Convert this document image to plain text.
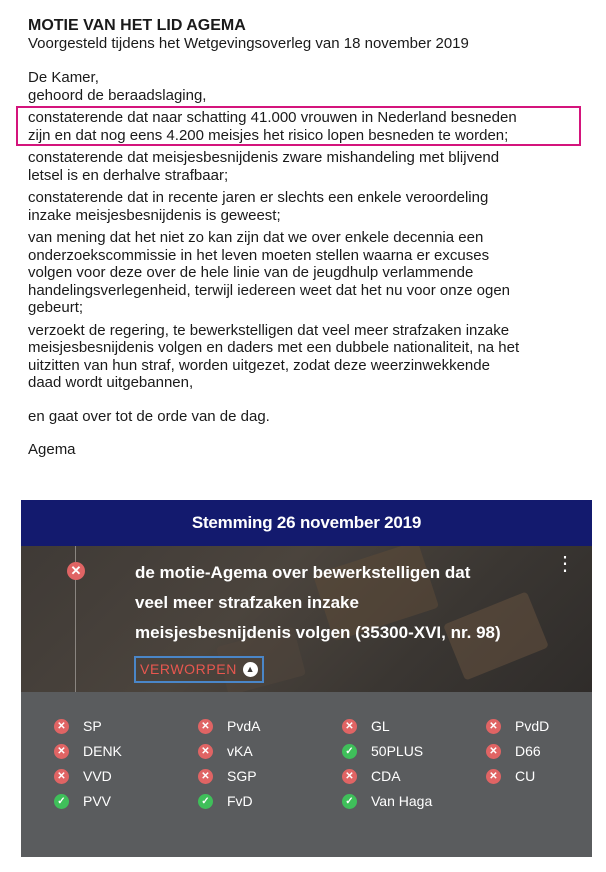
MOTIE VAN HET LID AGEMA

Voorgesteld tijdens het Wetgevingsoverleg van 18 november 2019

De Kamer,

gehoord de beraadslaging,

constaterende dat naar schatting 41.000 vrouwen in Nederland besneden

zijn en dat nog eens 4.200 meisjes het risico lopen besneden te worden;

constaterende dat meisjesbesnijdenis zware mishandeling met blijvend

letsel is en derhalve strafbaar;

constaterende dat in recente jaren er slechts een enkele veroordeling

inzake meisjesbesnijdenis is geweest;

van mening dat het niet zo kan zijn dat we over enkele decennia een

onderzoekscommissie in het leven moeten stellen waarna er excuses

volgen voor deze over de hele linie van de jeugdhulp verlammende

handelingsverlegenheid, terwijl iedereen weet dat het nu voor onze ogen

gebeurt;

verzoekt de regering, te bewerkstelligen dat veel meer strafzaken inzake

meisjesbesnijdenis volgen en daders met een dubbele nationaliteit, na het

uitzitten van hun straf, worden uitgezet, zodat deze weerzinwekkende

daad wordt uitgebannen,

en gaat over tot de orde van de dag.

Agema

Stemming 26 november 2019
✕	⋮
de motie-Agema over bewerkstelligen dat
veel meer strafzaken inzake
meisjesbesnijdenis volgen (35300-XVI, nr. 98)
VERWORPEN ▲
✕ SP	✕ PvdA	✕ GL	✕ PvdD
✕ DENK	✕ vKA	✓ 50PLUS	✕ D66
✕ VVD	✕ SGP	✕ CDA	✕ CU
✓ PVV	✓ FvD	✓ Van Haga
